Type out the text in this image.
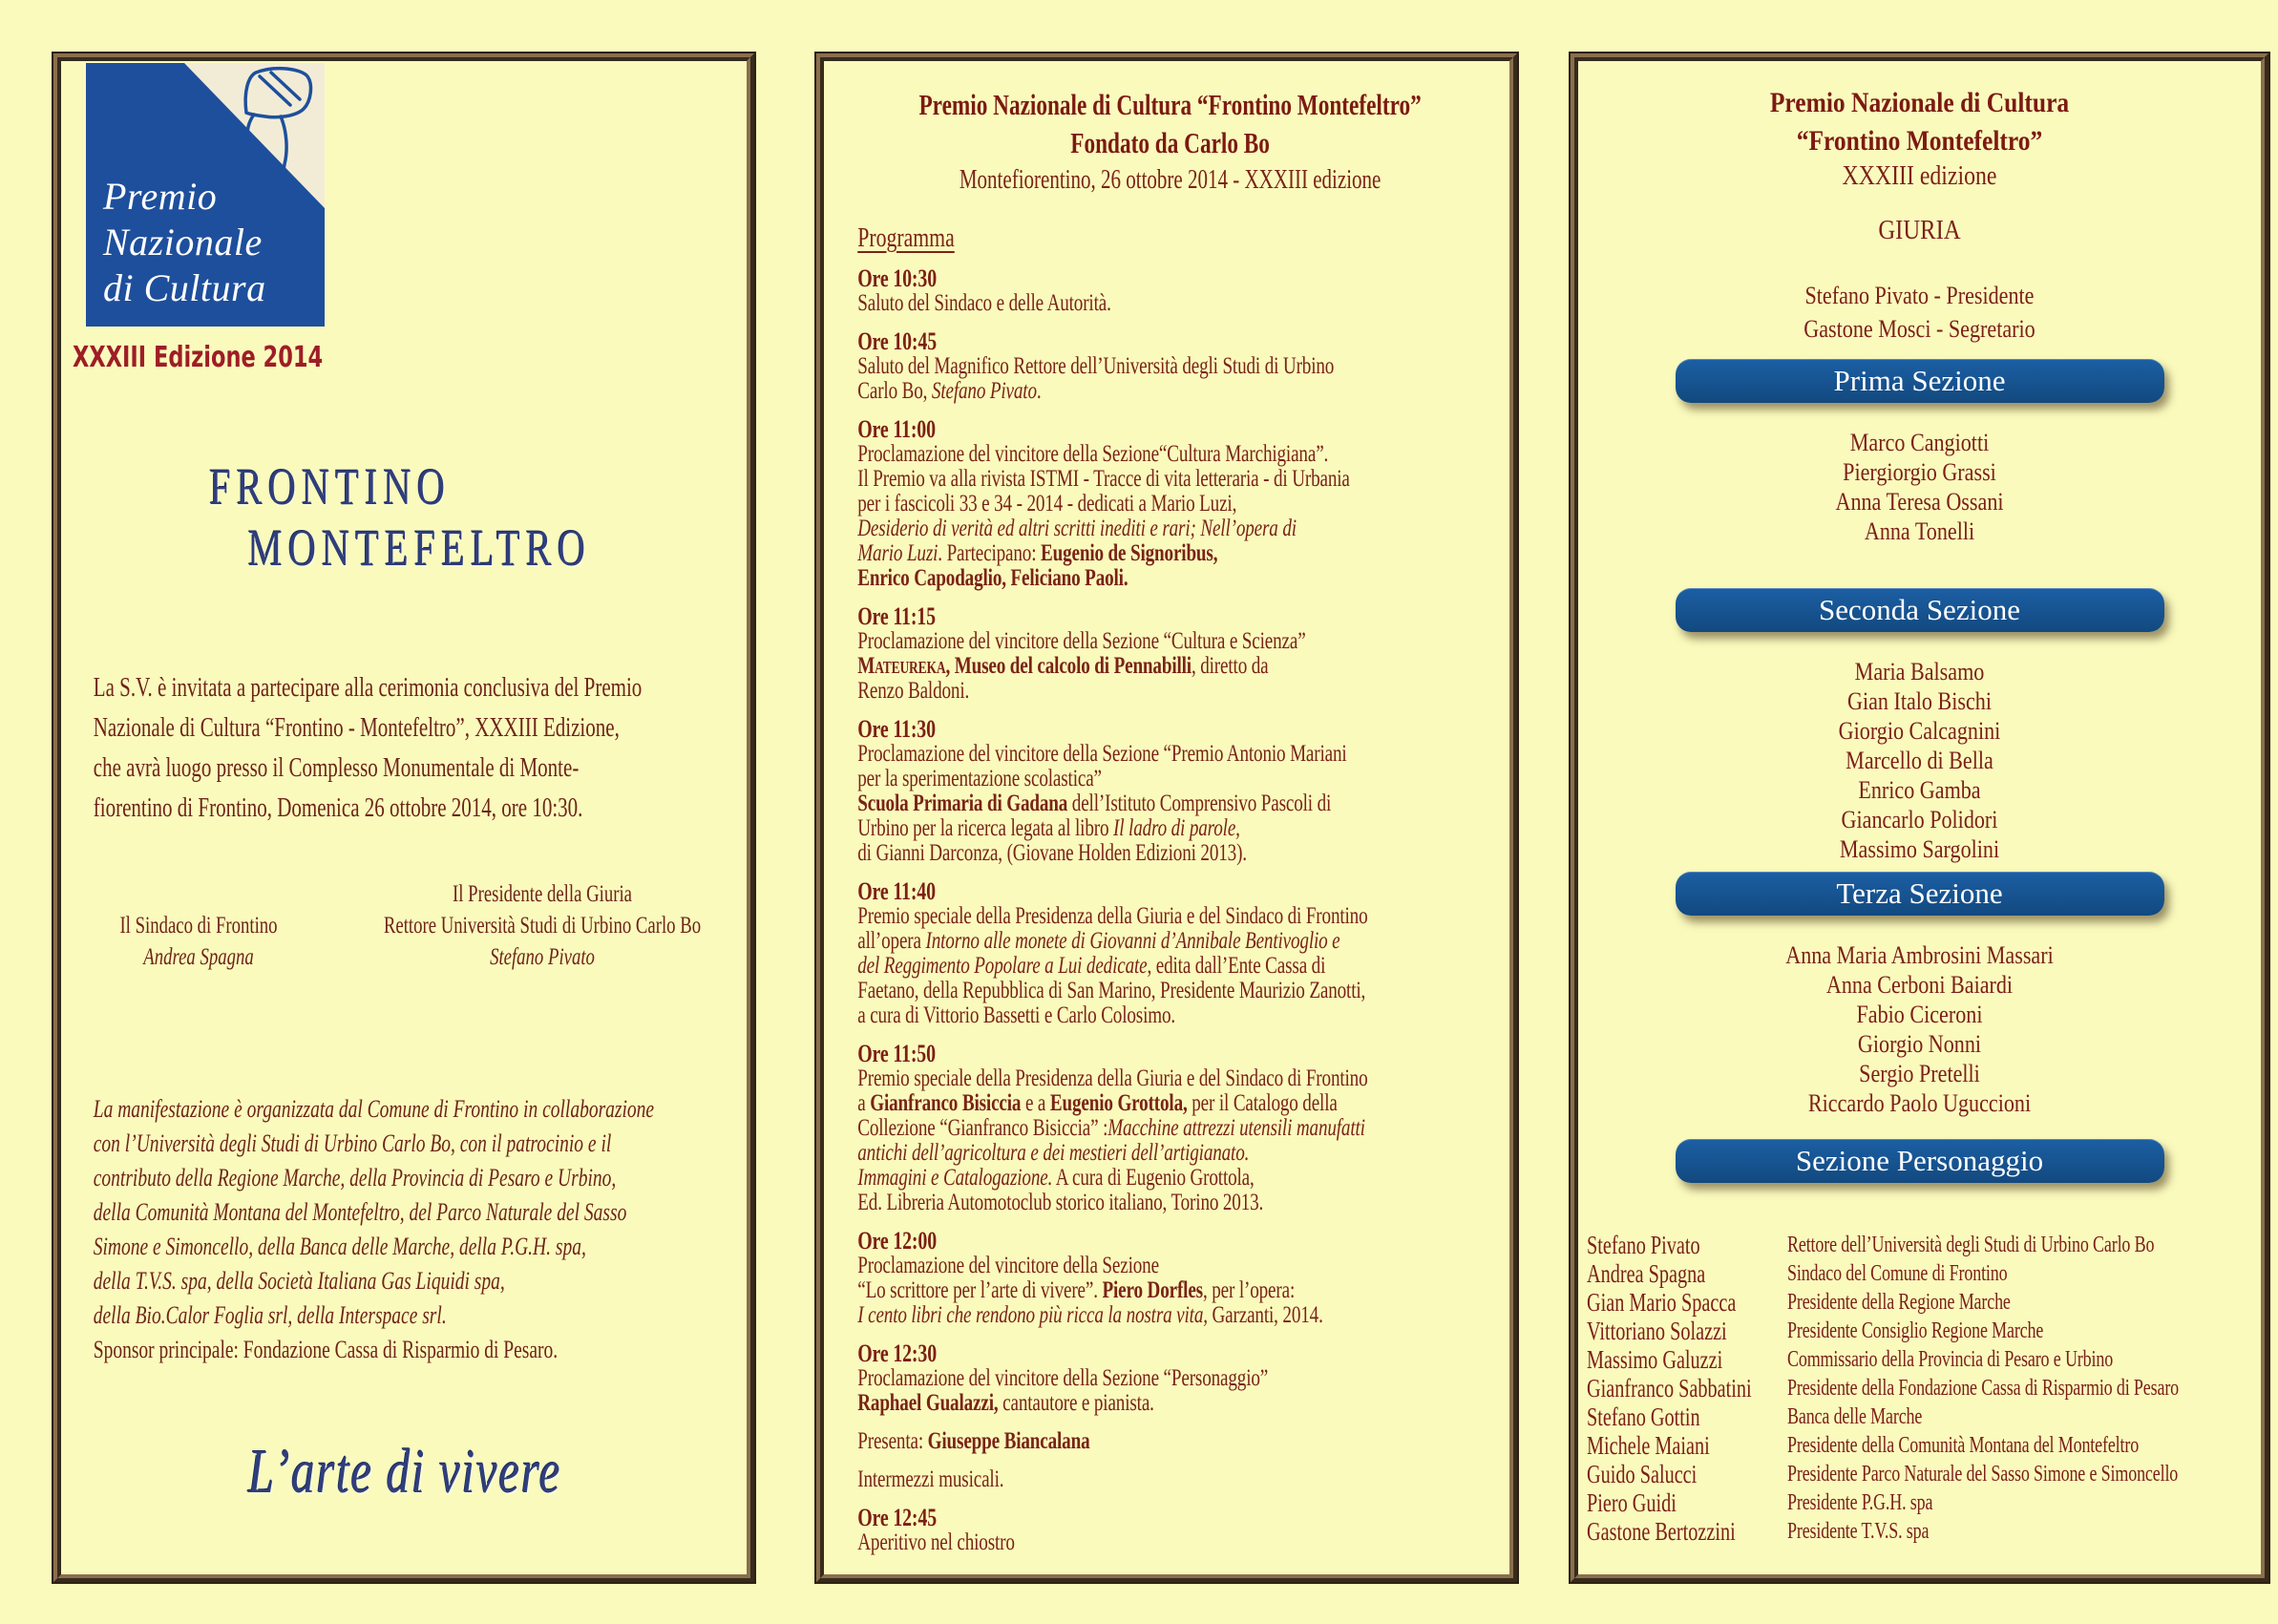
Premio
Nazionale
di Cultura
XXXIII Edizione 2014
FRONTINO
MONTEFELTRO
La S.V. è invitata a partecipare alla cerimonia conclusiva del Premio
Nazionale di Cultura “Frontino - Montefeltro”, XXXIII Edizione,
che avrà luogo presso il Complesso Monumentale di Monte-
fiorentino di Frontino, Domenica 26 ottobre 2014, ore 10:30.
Il Sindaco di Frontino
Andrea Spagna
Il Presidente della Giuria
Rettore Università Studi di Urbino Carlo Bo
Stefano Pivato
La manifestazione è organizzata dal Comune di Frontino in collaborazione
con l’Università degli Studi di Urbino Carlo Bo, con il patrocinio e il
contributo della Regione Marche, della Provincia di Pesaro e Urbino,
della Comunità Montana del Montefeltro, del Parco Naturale del Sasso
Simone e Simoncello, della Banca delle Marche, della P.G.H. spa,
della T.V.S. spa, della Società Italiana Gas Liquidi spa,
della Bio.Calor Foglia srl, della Interspace srl.
Sponsor principale: Fondazione Cassa di Risparmio di Pesaro.
L’arte di vivere
Premio Nazionale di Cultura “Frontino Montefeltro”
Fondato da Carlo Bo
Montefiorentino, 26 ottobre 2014 - XXXIII edizione
Programma
Ore 10:30
Saluto del Sindaco e delle Autorità.
Ore 10:45
Saluto del Magnifico Rettore dell’Università degli Studi di Urbino
Carlo Bo, Stefano Pivato.
Ore 11:00
Proclamazione del vincitore della Sezione“Cultura Marchigiana”.
Il Premio va alla rivista ISTMI - Tracce di vita letteraria - di Urbania
per i fascicoli 33 e 34 - 2014 - dedicati a Mario Luzi,
Desiderio di verità ed altri scritti inediti e rari; Nell’opera di
Mario Luzi. Partecipano: Eugenio de Signoribus,
Enrico Capodaglio, Feliciano Paoli.
Ore 11:15
Proclamazione del vincitore della Sezione “Cultura e Scienza”
Mateureka, Museo del calcolo di Pennabilli, diretto da
Renzo Baldoni.
Ore 11:30
Proclamazione del vincitore della Sezione “Premio Antonio Mariani
per la sperimentazione scolastica”
Scuola Primaria di Gadana dell’Istituto Comprensivo Pascoli di
Urbino per la ricerca legata al libro Il ladro di parole,
di Gianni Darconza, (Giovane Holden Edizioni 2013).
Ore 11:40
Premio speciale della Presidenza della Giuria e del Sindaco di Frontino
all’opera Intorno alle monete di Giovanni d’Annibale Bentivoglio e
del Reggimento Popolare a Lui dedicate, edita dall’Ente Cassa di
Faetano, della Repubblica di San Marino, Presidente Maurizio Zanotti,
a cura di Vittorio Bassetti e Carlo Colosimo.
Ore 11:50
Premio speciale della Presidenza della Giuria e del Sindaco di Frontino
a Gianfranco Bisiccia e a Eugenio Grottola, per il Catalogo della
Collezione “Gianfranco Bisiccia” :Macchine attrezzi utensili manufatti
antichi dell’agricoltura e dei mestieri dell’artigianato.
Immagini e Catalogazione. A cura di Eugenio Grottola,
Ed. Libreria Automotoclub storico italiano, Torino 2013.
Ore 12:00
Proclamazione del vincitore della Sezione
“Lo scrittore per l’arte di vivere”. Piero Dorfles, per l’opera:
I cento libri che rendono più ricca la nostra vita, Garzanti, 2014.
Ore 12:30
Proclamazione del vincitore della Sezione “Personaggio”
Raphael Gualazzi, cantautore e pianista.
Presenta: Giuseppe Biancalana
Intermezzi musicali.
Ore 12:45
Aperitivo nel chiostro
Premio Nazionale di Cultura
“Frontino Montefeltro”
XXXIII edizione
GIURIA
Stefano Pivato - Presidente
Gastone Mosci - Segretario
Prima Sezione
Marco Cangiotti
Piergiorgio Grassi
Anna Teresa Ossani
Anna Tonelli
Seconda Sezione
Maria Balsamo
Gian Italo Bischi
Giorgio Calcagnini
Marcello di Bella
Enrico Gamba
Giancarlo Polidori
Massimo Sargolini
Terza Sezione
Anna Maria Ambrosini Massari
Anna Cerboni Baiardi
Fabio Ciceroni
Giorgio Nonni
Sergio Pretelli
Riccardo Paolo Uguccioni
Sezione Personaggio
Stefano Pivato	Rettore dell’Università degli Studi di Urbino Carlo Bo
Andrea Spagna	Sindaco del Comune di Frontino
Gian Mario Spacca	Presidente della Regione Marche
Vittoriano Solazzi	Presidente Consiglio Regione Marche
Massimo Galuzzi	Commissario della Provincia di Pesaro e Urbino
Gianfranco Sabbatini	Presidente della Fondazione Cassa di Risparmio di Pesaro
Stefano Gottin	Banca delle Marche
Michele Maiani	Presidente della Comunità Montana del Montefeltro
Guido Salucci	Presidente Parco Naturale del Sasso Simone e Simoncello
Piero Guidi	Presidente P.G.H. spa
Gastone Bertozzini	Presidente T.V.S. spa
